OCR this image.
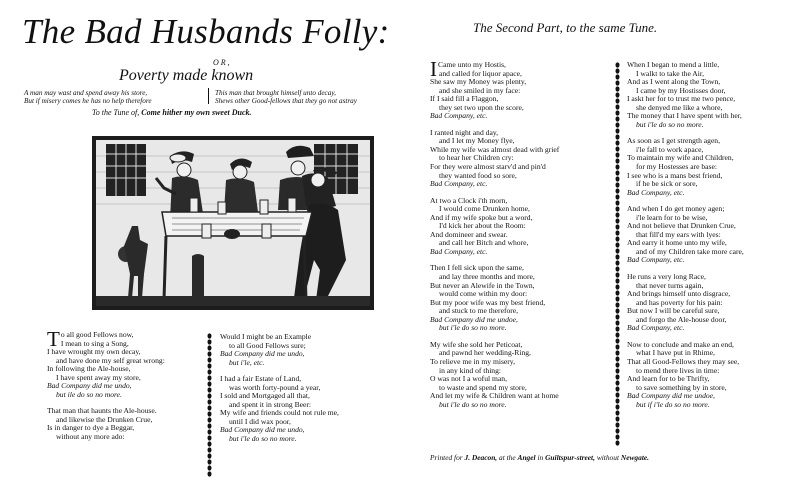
The Bad Husbands Folly:
OR,
Poverty made known
A man may wast and spend away his store,
But if misery comes he has no help therefore
This man that brought himself unto decay,
Shews other Good-fellows that they go not astray
To the Tune of, Come hither my own sweet Duck.
The Second Part, to the same Tune.
T o all good Fellows now,
I mean to sing a Song,
I have wrought my own decay,
and have done my self great wrong:
In following the Ale-house,
I have spent away my store,
Bad Company did me undo,
but ile do so no more.
That man that haunts the Ale-house.
and likewise the Drunken Crue,
Is in danger to dye a Beggar,
without any more ado:
Would I might be an Example
to all Good Fellows sure;
Bad Company did me undo,
but i'le, etc.
I had a fair Estate of Land,
was worth forty-pound a year,
I sold and Mortgaged all that,
and spent it in strong Beer:
My wife and friends could not rule me,
until I did wax poor,
Bad Company did me undo,
but i'le do so no more.
I Came unto my Hostis,
and called for liquor apace,
She saw my Money was plenty,
and she smiled in my face:
If I said fill a Flaggon,
they set two upon the score,
Bad Company, etc.
I ranted night and day,
and I let my Money flye,
While my wife was almost dead with grief
to hear her Children cry:
For they were almost starv'd and pin'd
they wanted food so sore,
Bad Company, etc.
At two a Clock i'th morn,
I would come Drunken home,
And if my wife spoke but a word,
I'd kick her about the Room:
And domineer and swear.
and call her Bitch and whore,
Bad Company, etc.
Then I fell sick upon the same,
and lay three months and more,
But never an Alewife in the Town,
would come within my door:
But my poor wife was my best friend,
and stuck to me therefore,
Bad Company did me undoe,
but i'le do so no more.
My wife she sold her Peticoat,
and pawnd her wedding-Ring,
To relieve me in my misery,
in any kind of thing:
O was not I a woful man,
to waste and spend my store,
And let my wife & Children want at home
but i'le do so no more.
When I began to mend a little,
I walkt to take the Air,
And as I went along the Town,
I came by my Hostisses door,
I askt her for to trust me two pence,
she denyed me like a whore,
The money that I have spent with her,
but i'le do so no more.
As soon as I get strength agen,
i'le fall to work apace,
To maintain my wife and Children,
for my Hostesses are base:
I see who is a mans best friend,
if he be sick or sore,
Bad Company, etc.
And when I do get money agen;
i'le learn for to be wise,
And not believe that Drunken Crue,
that fill'd my ears with lyes:
And earry it home unto my wife,
and of my Children take more care,
Bad Company, etc.
He runs a very long Race,
that never turns again,
And brings himself unto disgrace,
and has poverty for his pain:
But now I will be careful sure,
and forgo the Ale-house door,
Bad Company, etc.
Now to conclude and make an end,
what I have put in Rhime,
That all Good-Fellows they may see,
to mend there lives in time:
And learn for to be Thrifty,
to save something by in store,
Bad Company did me undoe,
but if i'le do so no more.
Printed for J. Deacon, at the Angel in Guiltspur-street, without Newgate.
